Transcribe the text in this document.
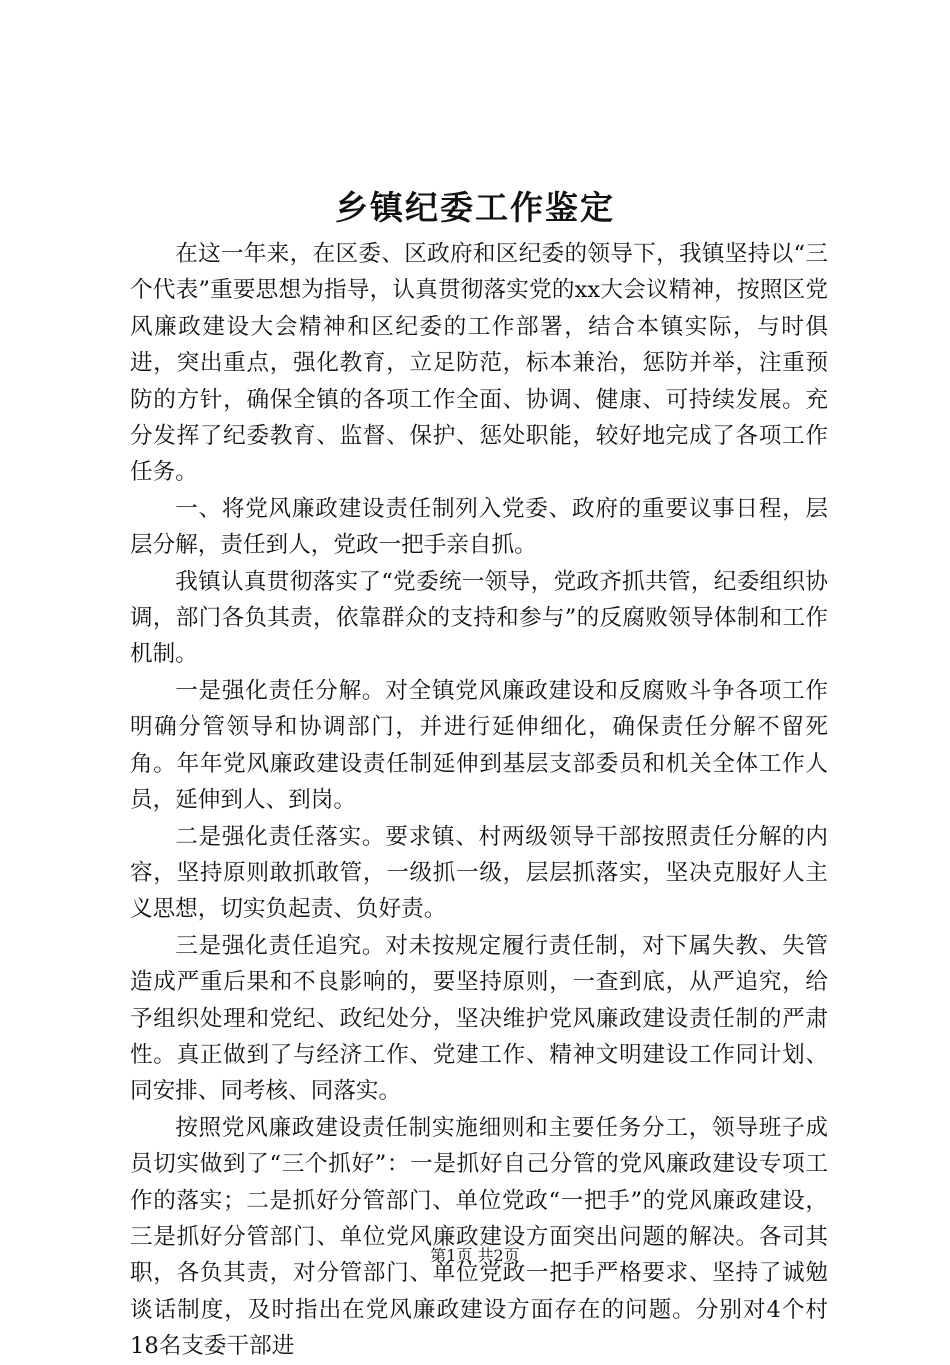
乡镇纪委工作鉴定

在这一年来，在区委、区政府和区纪委的领导下，我镇坚持以“三个代表”重要思想为指导，认真贯彻落实党的xx大会议精神，按照区党风廉政建设大会精神和区纪委的工作部署，结合本镇实际，与时俱进，突出重点，强化教育，立足防范，标本兼治，惩防并举，注重预防的方针，确保全镇的各项工作全面、协调、健康、可持续发展。充分发挥了纪委教育、监督、保护、惩处职能，较好地完成了各项工作任务。

一、将党风廉政建设责任制列入党委、政府的重要议事日程，层层分解，责任到人，党政一把手亲自抓。

我镇认真贯彻落实了“党委统一领导，党政齐抓共管，纪委组织协调，部门各负其责，依靠群众的支持和参与”的反腐败领导体制和工作机制。

一是强化责任分解。对全镇党风廉政建设和反腐败斗争各项工作明确分管领导和协调部门，并进行延伸细化，确保责任分解不留死角。年年党风廉政建设责任制延伸到基层支部委员和机关全体工作人员，延伸到人、到岗。

二是强化责任落实。要求镇、村两级领导干部按照责任分解的内容，坚持原则敢抓敢管，一级抓一级，层层抓落实，坚决克服好人主义思想，切实负起责、负好责。

三是强化责任追究。对未按规定履行责任制，对下属失教、失管造成严重后果和不良影响的，要坚持原则，一查到底，从严追究，给予组织处理和党纪、政纪处分，坚决维护党风廉政建设责任制的严肃性。真正做到了与经济工作、党建工作、精神文明建设工作同计划、同安排、同考核、同落实。

按照党风廉政建设责任制实施细则和主要任务分工，领导班子成员切实做到了“三个抓好”：一是抓好自己分管的党风廉政建设专项工作的落实；二是抓好分管部门、单位党政“一把手”的党风廉政建设，三是抓好分管部门、单位党风廉政建设方面突出问题的解决。各司其职，各负其责，对分管部门、单位党政一把手严格要求、坚持了诚勉谈话制度，及时指出在党风廉政建设方面存在的问题。分别对4个村18名支委干部进

第1页 共2页
